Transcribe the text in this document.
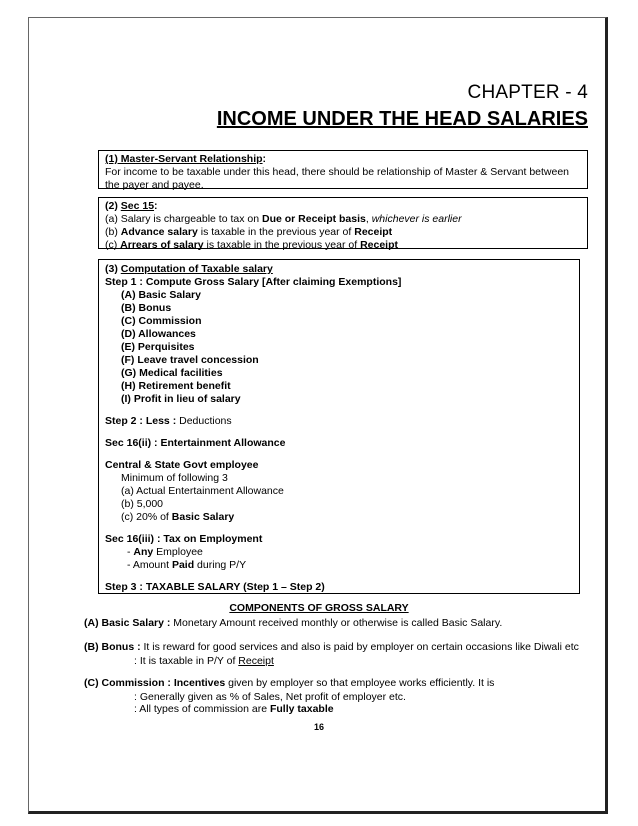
CHAPTER - 4
INCOME UNDER THE HEAD SALARIES
(1) Master-Servant Relationship:
For income to be taxable under this head, there should be relationship of Master & Servant between the payer and payee.
(2) Sec 15:
(a) Salary is chargeable to tax on Due or Receipt basis, whichever is earlier
(b) Advance salary is taxable in the previous year of Receipt
(c) Arrears of salary is taxable in the previous year of Receipt
(3) Computation of Taxable salary
Step 1 : Compute Gross Salary [After claiming Exemptions]
(A) Basic Salary
(B) Bonus
(C) Commission
(D) Allowances
(E) Perquisites
(F) Leave travel concession
(G) Medical facilities
(H) Retirement benefit
(I) Profit in lieu of salary
Step 2 : Less : Deductions
Sec 16(ii) : Entertainment Allowance
Central & State Govt employee
Minimum of following 3
(a) Actual Entertainment Allowance
(b) 5,000
(c) 20% of Basic Salary
Sec 16(iii) : Tax on Employment
- Any Employee
- Amount Paid during P/Y
Step 3 : TAXABLE SALARY (Step 1 – Step 2)
COMPONENTS OF GROSS SALARY
(A) Basic Salary : Monetary Amount received monthly or otherwise is called Basic Salary.
(B) Bonus : It is reward for good services and also is paid by employer on certain occasions like Diwali etc
: It is taxable in P/Y of Receipt
(C) Commission : Incentives given by employer so that employee works efficiently. It is
: Generally given as % of Sales, Net profit of employer etc.
: All types of commission are Fully taxable
16
